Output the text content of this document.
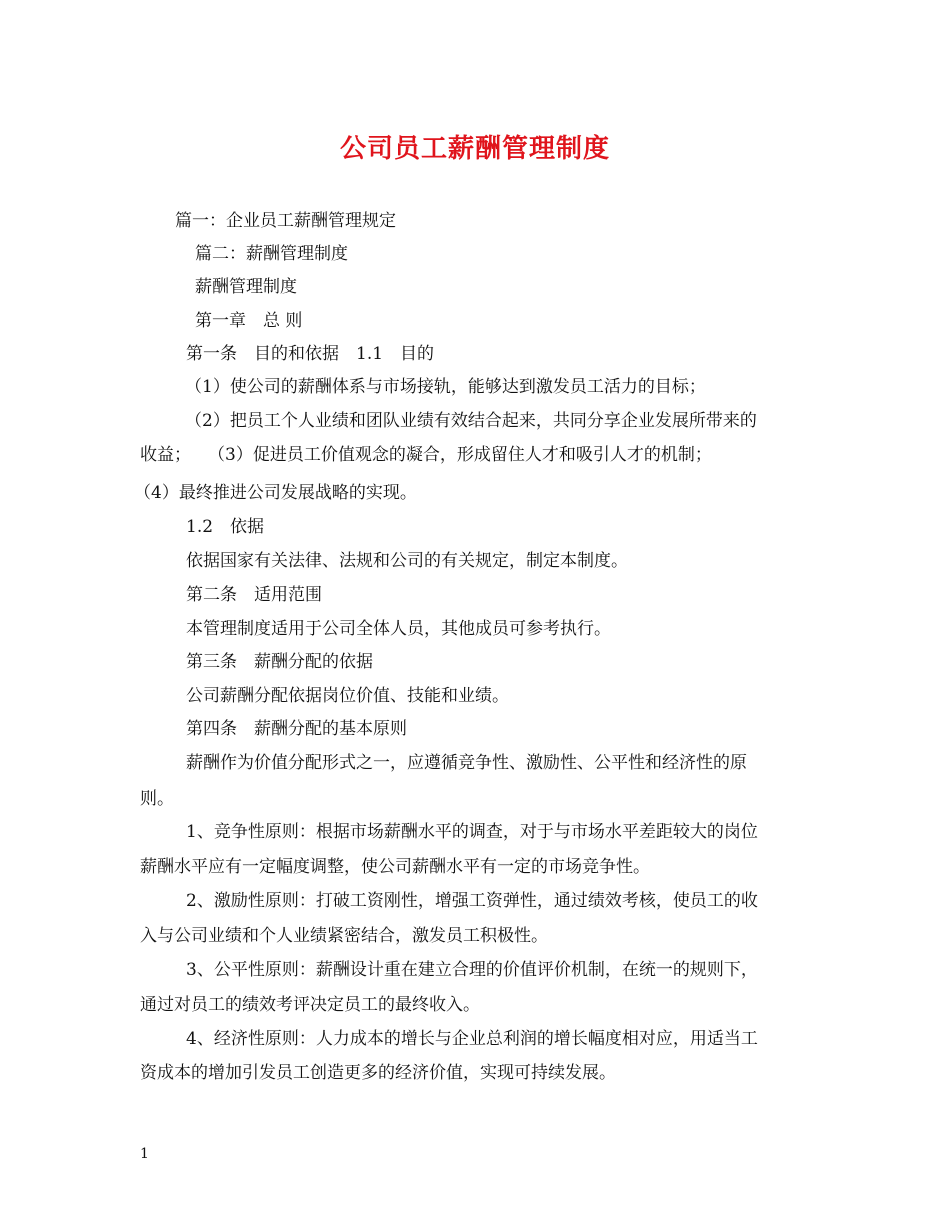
公司员工薪酬管理制度
篇一：企业员工薪酬管理规定
篇二：薪酬管理制度
薪酬管理制度
第一章　总 则
第一条　目的和依据　1.1　目的
（1）使公司的薪酬体系与市场接轨，能够达到激发员工活力的目标；
（2）把员工个人业绩和团队业绩有效结合起来，共同分享企业发展所带来的
收益；　　（3）促进员工价值观念的凝合，形成留住人才和吸引人才的机制；
（4）最终推进公司发展战略的实现。
1.2　依据
依据国家有关法律、法规和公司的有关规定，制定本制度。
第二条　适用范围
本管理制度适用于公司全体人员，其他成员可参考执行。
第三条　薪酬分配的依据
公司薪酬分配依据岗位价值、技能和业绩。
第四条　薪酬分配的基本原则
薪酬作为价值分配形式之一，应遵循竞争性、激励性、公平性和经济性的原
则。
1、竞争性原则：根据市场薪酬水平的调查，对于与市场水平差距较大的岗位
薪酬水平应有一定幅度调整，使公司薪酬水平有一定的市场竞争性。
2、激励性原则：打破工资刚性，增强工资弹性，通过绩效考核，使员工的收
入与公司业绩和个人业绩紧密结合，激发员工积极性。
3、公平性原则：薪酬设计重在建立合理的价值评价机制，在统一的规则下，
通过对员工的绩效考评决定员工的最终收入。
4、经济性原则：人力成本的增长与企业总利润的增长幅度相对应，用适当工
资成本的增加引发员工创造更多的经济价值，实现可持续发展。
1
